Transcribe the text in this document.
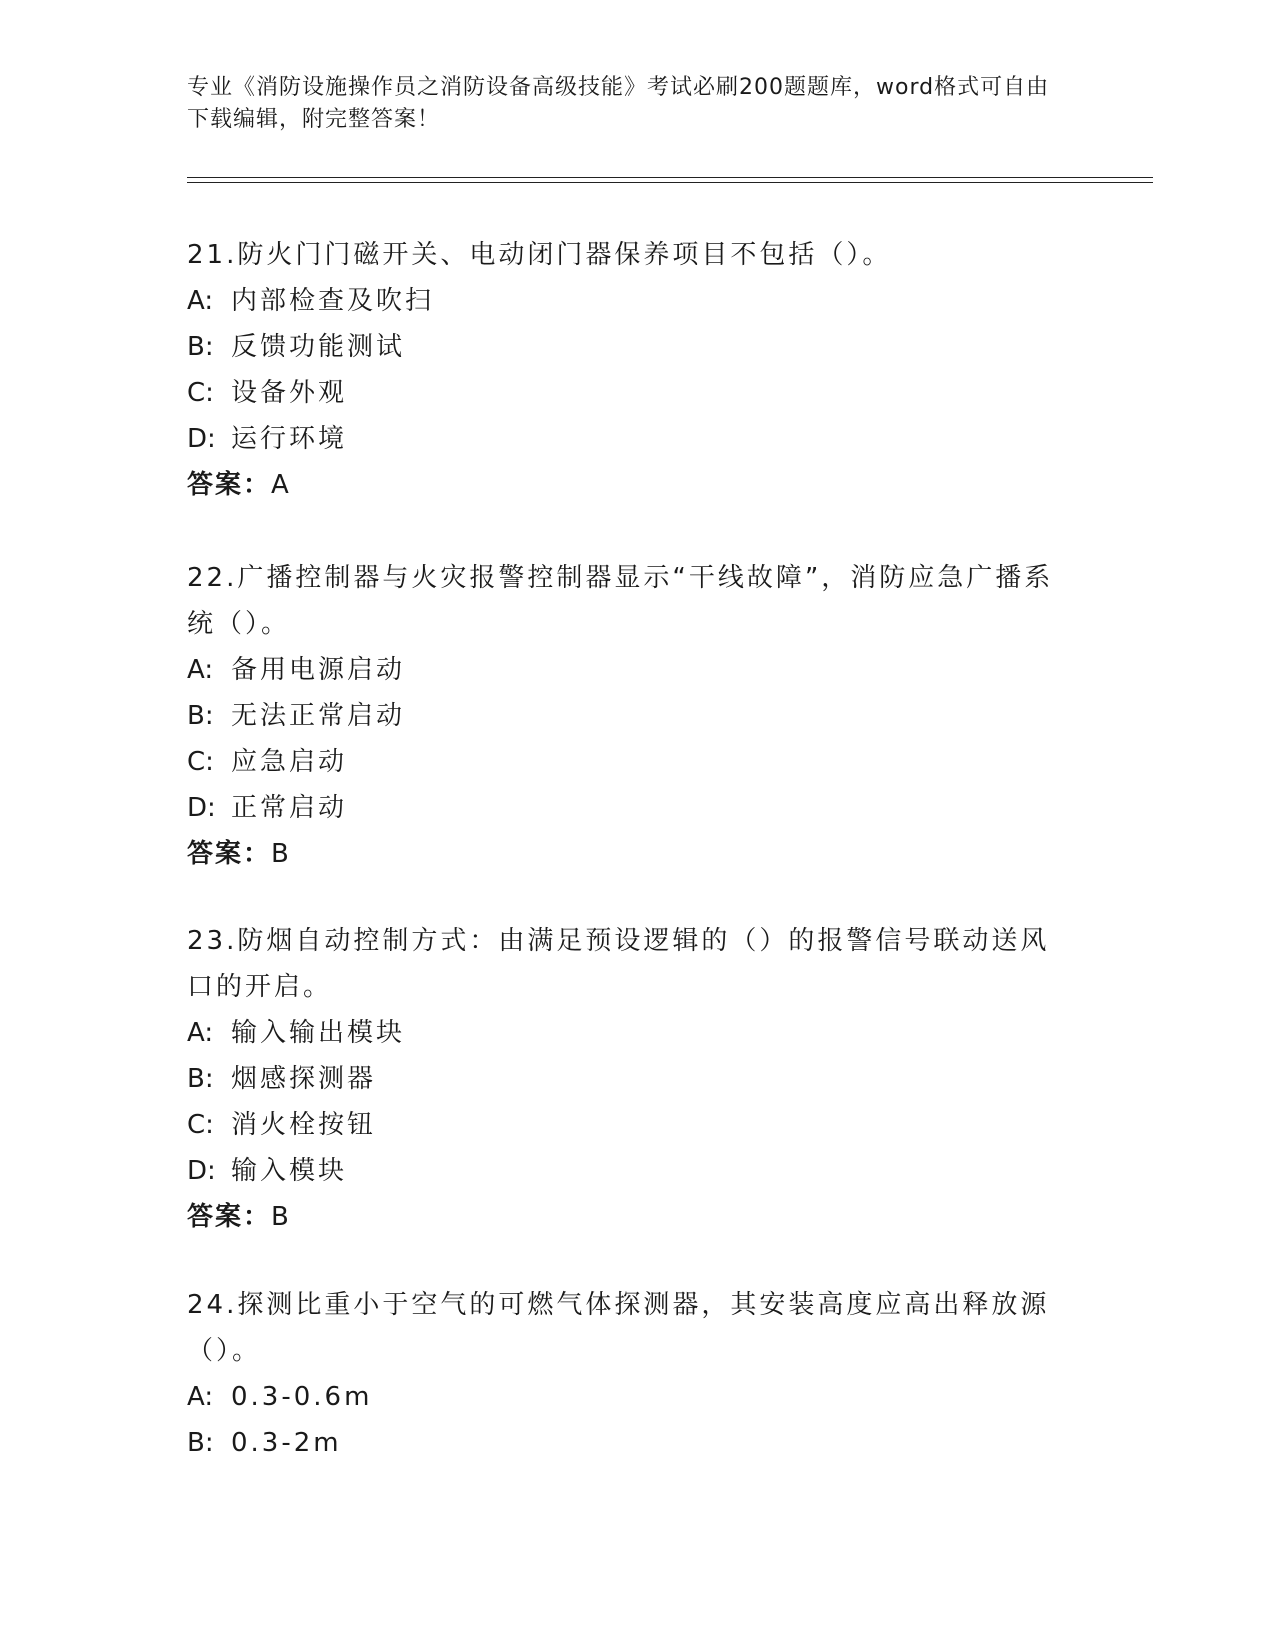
专业《消防设施操作员之消防设备高级技能》考试必刷200题题库，word格式可自由下载编辑，附完整答案！

21.防火门门磁开关、电动闭门器保养项目不包括（）。

A: 内部检查及吹扫

B: 反馈功能测试

C: 设备外观

D: 运行环境

答案：A

22.广播控制器与火灾报警控制器显示“干线故障”，消防应急广播系统（）。

A: 备用电源启动

B: 无法正常启动

C: 应急启动

D: 正常启动

答案：B

23.防烟自动控制方式：由满足预设逻辑的（）的报警信号联动送风口的开启。

A: 输入输出模块

B: 烟感探测器

C: 消火栓按钮

D: 输入模块

答案：B

24.探测比重小于空气的可燃气体探测器，其安装高度应高出释放源（）。

A: 0.3-0.6m

B: 0.3-2m
